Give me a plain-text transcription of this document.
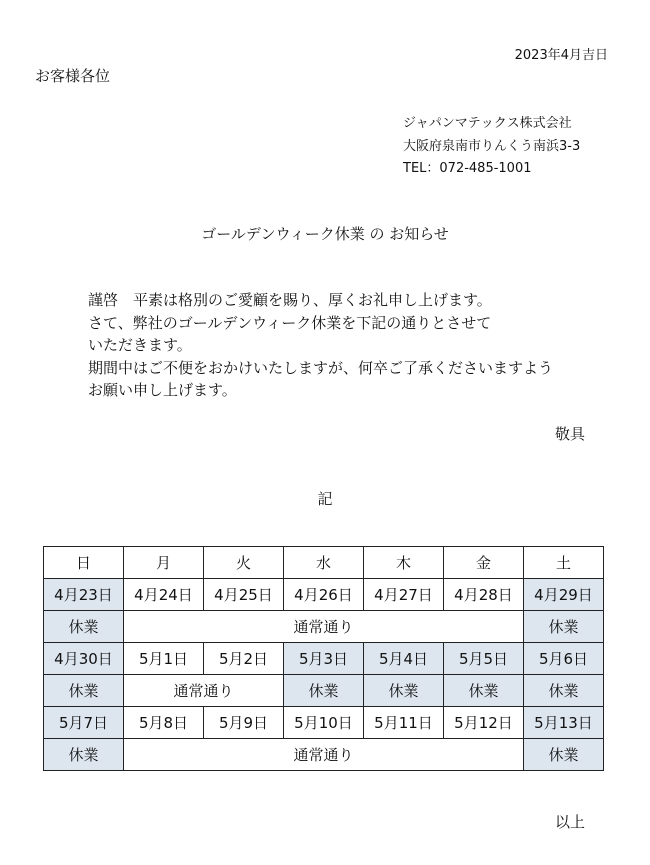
2023年4月吉日
お客様各位
ジャパンマテックス株式会社
大阪府泉南市りんくう南浜3-3
TEL：072-485-1001
ゴールデンウィーク休業 の お知らせ
謹啓　平素は格別のご愛顧を賜り、厚くお礼申し上げます。
さて、弊社のゴールデンウィーク休業を下記の通りとさせて
いただきます。
期間中はご不便をおかけいたしますが、何卒ご了承くださいますよう
お願い申し上げます。
敬具
記
日	月	火	水	木	金	土
4月23日	4月24日	4月25日	4月26日	4月27日	4月28日	4月29日
休業	通常通り					休業
4月30日	5月1日	5月2日	5月3日	5月4日	5月5日	5月6日
休業	通常通り		休業	休業	休業	休業
5月7日	5月8日	5月9日	5月10日	5月11日	5月12日	5月13日
休業	通常通り					休業
以上
